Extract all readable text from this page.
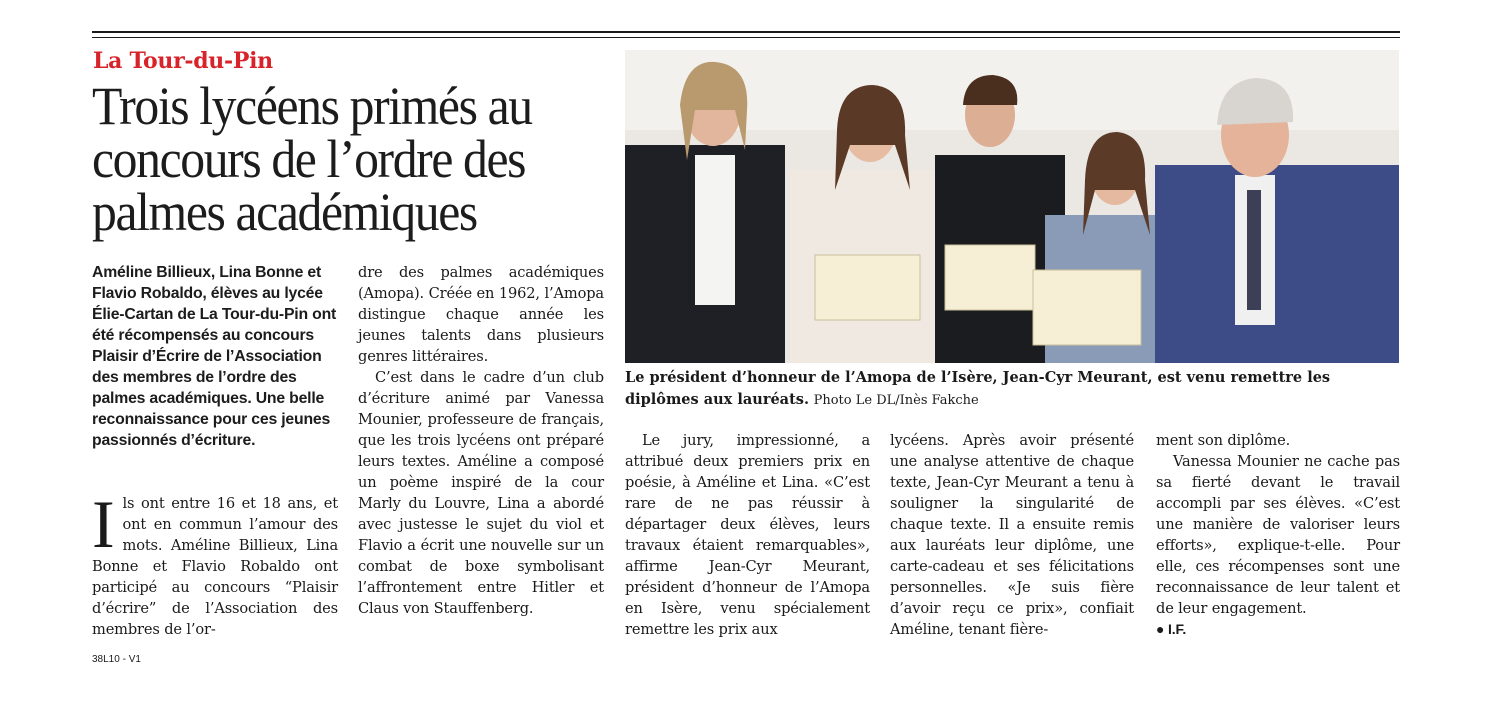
La Tour-du-Pin
Trois lycéens primés au concours de l’ordre des palmes académiques
Le président d’honneur de l’Amopa de l’Isère, Jean-Cyr Meurant, est venu remettre les diplômes aux lauréats. Photo Le DL/Inès Fakche
Améline Billieux, Lina Bonne et Flavio Robaldo, élèves au lycée Élie-Cartan de La Tour-du-Pin ont été récompensés au concours Plaisir d’Écrire de l’Association des membres de l’ordre des palmes académiques. Une belle reconnaissance pour ces jeunes passionnés d’écriture.
I ls ont entre 16 et 18 ans, et ont en commun l’amour des mots. Améline Billieux, Lina Bonne et Flavio Robaldo ont participé au concours “Plaisir d’écrire” de l’Association des membres de l’or-

dre des palmes académiques (Amopa). Créée en 1962, l’Amopa distingue chaque année les jeunes talents dans plusieurs genres littéraires.

C’est dans le cadre d’un club d’écriture animé par Vanessa Mounier, professeure de français, que les trois lycéens ont préparé leurs textes. Améline a composé un poème inspiré de la cour Marly du Louvre, Lina a abordé avec justesse le sujet du viol et Flavio a écrit une nouvelle sur un combat de boxe symbolisant l’affrontement entre Hitler et Claus von Stauffenberg.

Le jury, impressionné, a attribué deux premiers prix en poésie, à Améline et Lina. «C’est rare de ne pas réussir à départager deux élèves, leurs travaux étaient remarquables», affirme Jean-Cyr Meurant, président d’honneur de l’Amopa en Isère, venu spécialement remettre les prix aux

lycéens. Après avoir présenté une analyse attentive de chaque texte, Jean-Cyr Meurant a tenu à souligner la singularité de chaque texte. Il a ensuite remis aux lauréats leur diplôme, une carte-cadeau et ses félicitations personnelles. «Je suis fière d’avoir reçu ce prix», confiait Améline, tenant fière-

ment son diplôme.

Vanessa Mounier ne cache pas sa fierté devant le travail accompli par ses élèves. «C’est une manière de valoriser leurs efforts», explique-t-elle. Pour elle, ces récompenses sont une reconnaissance de leur talent et de leur engagement.

● I.F.

38L10 - V1
